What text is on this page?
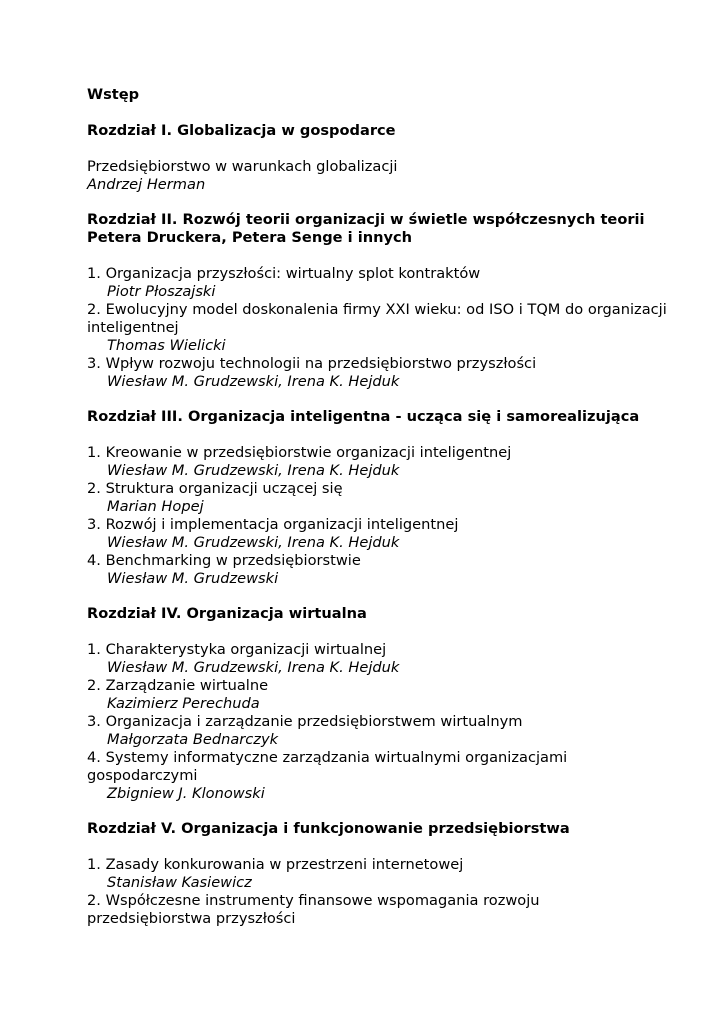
Wstęp
Rozdział I. Globalizacja w gospodarce
Przedsiębiorstwo w warunkach globalizacji
Andrzej Herman
Rozdział II. Rozwój teorii organizacji w świetle współczesnych teorii Petera Druckera, Petera Senge i innych
1. Organizacja przyszłości: wirtualny splot kontraktów
Piotr Płoszajski
2. Ewolucyjny model doskonalenia firmy XXI wieku: od ISO i TQM do organizacji inteligentnej
Thomas Wielicki
3. Wpływ rozwoju technologii na przedsiębiorstwo przyszłości
Wiesław M. Grudzewski, Irena K. Hejduk
Rozdział III. Organizacja inteligentna - ucząca się i samorealizująca
1. Kreowanie w przedsiębiorstwie organizacji inteligentnej
Wiesław M. Grudzewski, Irena K. Hejduk
2. Struktura organizacji uczącej się
Marian Hopej
3. Rozwój i implementacja organizacji inteligentnej
Wiesław M. Grudzewski, Irena K. Hejduk
4. Benchmarking w przedsiębiorstwie
Wiesław M. Grudzewski
Rozdział IV. Organizacja wirtualna
1. Charakterystyka organizacji wirtualnej
Wiesław M. Grudzewski, Irena K. Hejduk
2. Zarządzanie wirtualne
Kazimierz Perechuda
3. Organizacja i zarządzanie przedsiębiorstwem wirtualnym
Małgorzata Bednarczyk
4. Systemy informatyczne zarządzania wirtualnymi organizacjami gospodarczymi
Zbigniew J. Klonowski
Rozdział V. Organizacja i funkcjonowanie przedsiębiorstwa
1. Zasady konkurowania w przestrzeni internetowej
Stanisław Kasiewicz
2. Współczesne instrumenty finansowe wspomagania rozwoju przedsiębiorstwa przyszłości
